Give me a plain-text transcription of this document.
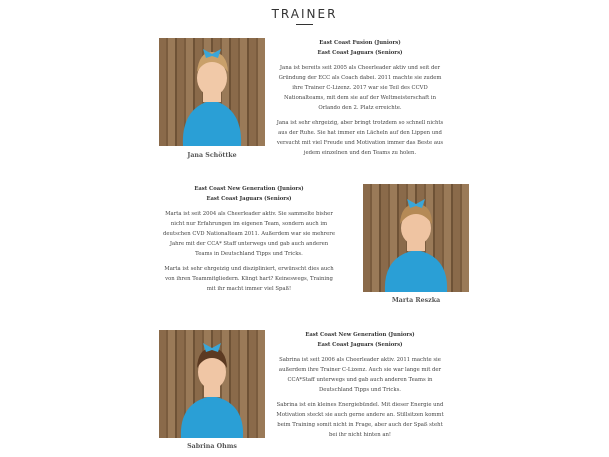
TRAINER
Jana Schöttke

East Coast Fusion (Juniors)

East Coast Jaguars (Seniors)

Jana ist bereits seit 2005 als Cheerleader aktiv und seit der Gründung der ECC als Coach dabei. 2011 machte sie zudem ihre Trainer C-Lizenz. 2017 war sie Teil des CCVD Nationalteams, mit dem sie auf der Weltmeisterschaft in Orlando den 2. Platz erreichte.

Jana ist sehr ehrgeizig, aber bringt trotzdem so schnell nichts aus der Ruhe. Sie hat immer ein Lächeln auf den Lippen und versucht mit viel Freude und Motivation immer das Beste aus jedem einzelnen und den Teams zu holen.

Marta Reszka

East Coast New Generation (Juniors)

East Coast Jaguars (Seniors)

Marta ist seit 2004 als Cheerleader aktiv. Sie sammelte bisher nicht nur Erfahrungen im eigenen Team, sondern auch im deutschen CVD Nationalteam 2011. Außerdem war sie mehrere Jahre mit der CCA* Staff unterwegs und gab auch anderen Teams in Deutschland Tipps und Tricks.

Marta ist sehr ehrgeizig und diszipliniert, erwünscht dies auch von ihren Teammitgliedern. Klingt hart? Keineswegs, Training mit ihr macht immer viel Spaß!

Sabrina Ohms

East Coast New Generation (Juniors)

East Coast Jaguars (Seniors)

Sabrina ist seit 2006 als Cheerleader aktiv. 2011 machte sie außerdem ihre Trainer C-Lizenz. Auch sie war lange mit der CCA*Staff unterwegs und gab auch anderen Teams in Deutschland Tipps und Tricks.

Sabrina ist ein kleines Energiebündel. Mit dieser Energie und Motivation steckt sie auch gerne andere an. Stillsitzen kommt beim Training somit nicht in Frage, aber auch der Spaß steht bei ihr nicht hinten an!
